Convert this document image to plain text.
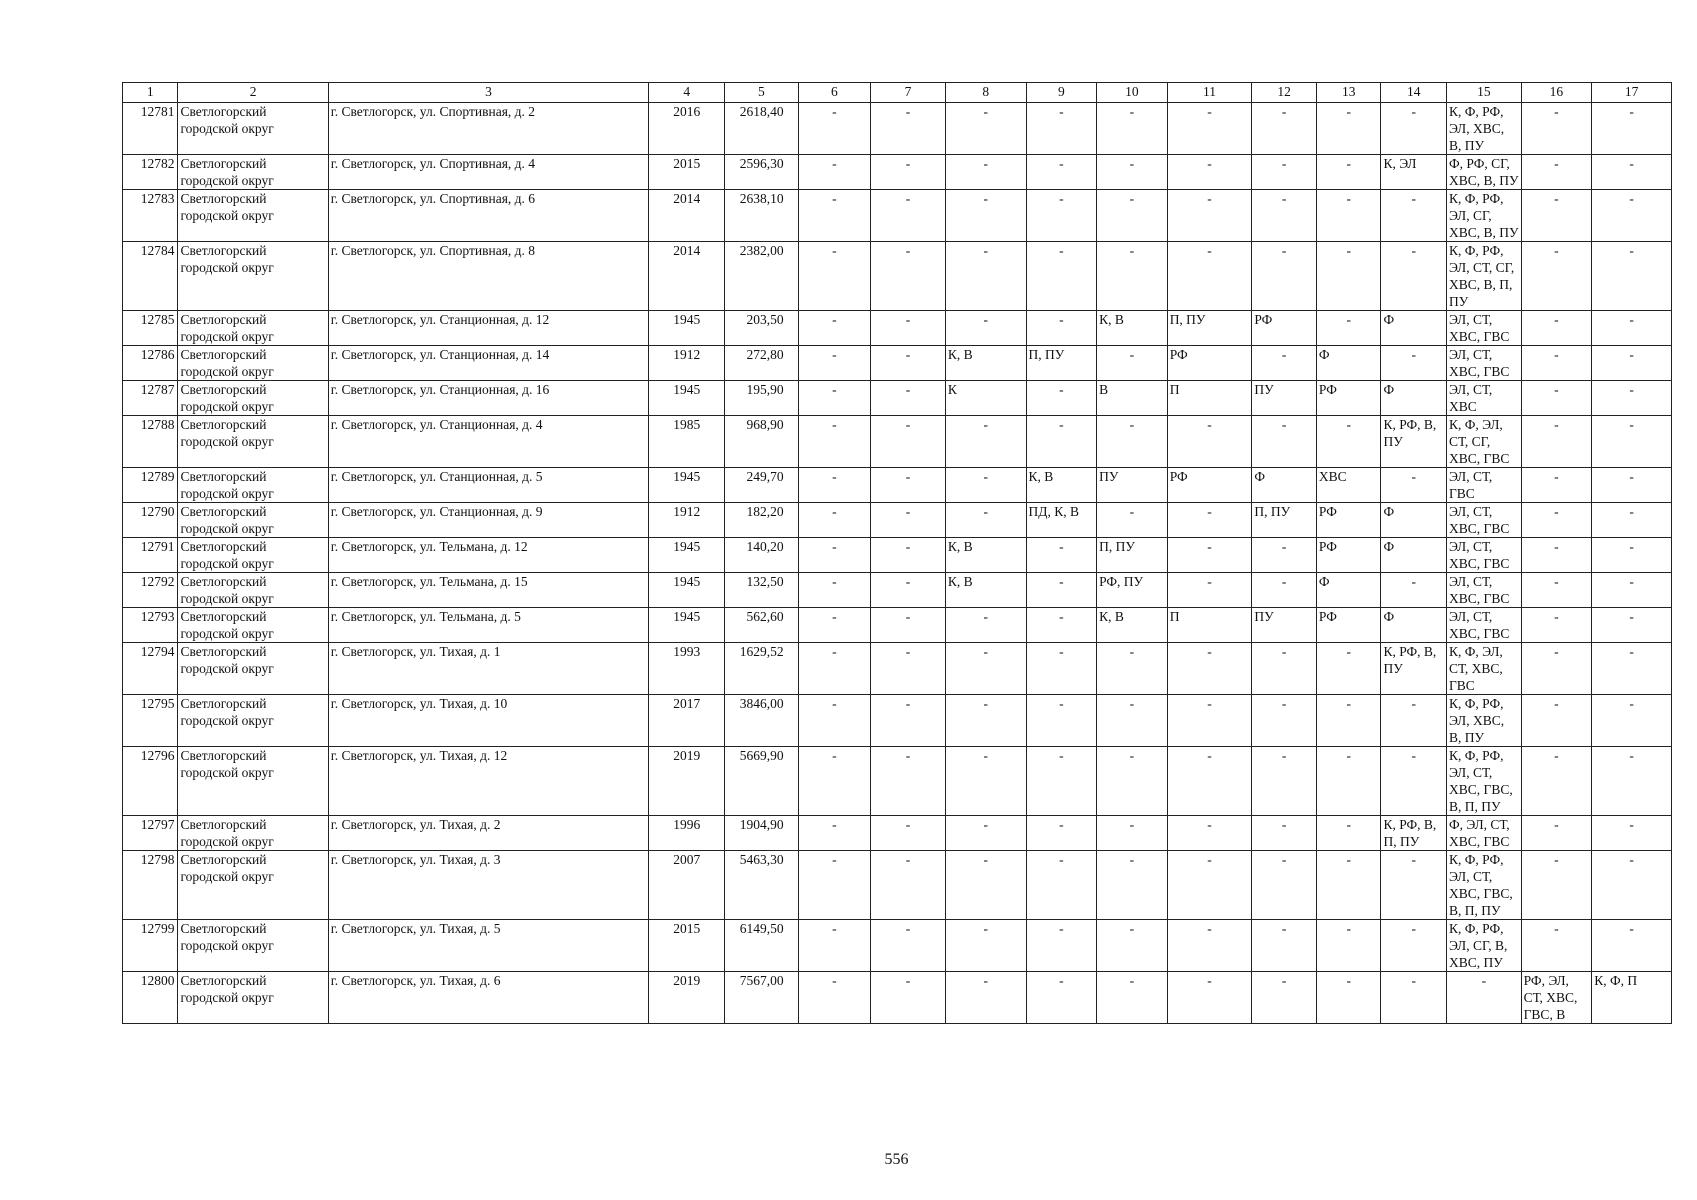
1	2	3	4	5	6	7	8	9	10	11	12	13	14	15	16	17
12781	Светлогорский городской округ	г. Светлогорск, ул. Спортивная, д. 2	2016	2618,40	-	-	-	-	-	-	-	-	-	К, Ф, РФ, ЭЛ, ХВС, В, ПУ	-	-
12782	Светлогорский городской округ	г. Светлогорск, ул. Спортивная, д. 4	2015	2596,30	-	-	-	-	-	-	-	-	К, ЭЛ	Ф, РФ, СГ, ХВС, В, ПУ	-	-
12783	Светлогорский городской округ	г. Светлогорск, ул. Спортивная, д. 6	2014	2638,10	-	-	-	-	-	-	-	-	-	К, Ф, РФ, ЭЛ, СГ, ХВС, В, ПУ	-	-
12784	Светлогорский городской округ	г. Светлогорск, ул. Спортивная, д. 8	2014	2382,00	-	-	-	-	-	-	-	-	-	К, Ф, РФ, ЭЛ, СТ, СГ, ХВС, В, П, ПУ	-	-
12785	Светлогорский городской округ	г. Светлогорск, ул. Станционная, д. 12	1945	203,50	-	-	-	-	К, В	П, ПУ	РФ	-	Ф	ЭЛ, СТ, ХВС, ГВС	-	-
12786	Светлогорский городской округ	г. Светлогорск, ул. Станционная, д. 14	1912	272,80	-	-	К, В	П, ПУ	-	РФ	-	Ф	-	ЭЛ, СТ, ХВС, ГВС	-	-
12787	Светлогорский городской округ	г. Светлогорск, ул. Станционная, д. 16	1945	195,90	-	-	К	-	В	П	ПУ	РФ	Ф	ЭЛ, СТ, ХВС	-	-
12788	Светлогорский городской округ	г. Светлогорск, ул. Станционная, д. 4	1985	968,90	-	-	-	-	-	-	-	-	К, РФ, В, ПУ	К, Ф, ЭЛ, СТ, СГ, ХВС, ГВС	-	-
12789	Светлогорский городской округ	г. Светлогорск, ул. Станционная, д. 5	1945	249,70	-	-	-	К, В	ПУ	РФ	Ф	ХВС	-	ЭЛ, СТ, ГВС	-	-
12790	Светлогорский городской округ	г. Светлогорск, ул. Станционная, д. 9	1912	182,20	-	-	-	ПД, К, В	-	-	П, ПУ	РФ	Ф	ЭЛ, СТ, ХВС, ГВС	-	-
12791	Светлогорский городской округ	г. Светлогорск, ул. Тельмана, д. 12	1945	140,20	-	-	К, В	-	П, ПУ	-	-	РФ	Ф	ЭЛ, СТ, ХВС, ГВС	-	-
12792	Светлогорский городской округ	г. Светлогорск, ул. Тельмана, д. 15	1945	132,50	-	-	К, В	-	РФ, ПУ	-	-	Ф	-	ЭЛ, СТ, ХВС, ГВС	-	-
12793	Светлогорский городской округ	г. Светлогорск, ул. Тельмана, д. 5	1945	562,60	-	-	-	-	К, В	П	ПУ	РФ	Ф	ЭЛ, СТ, ХВС, ГВС	-	-
12794	Светлогорский городской округ	г. Светлогорск, ул. Тихая, д. 1	1993	1629,52	-	-	-	-	-	-	-	-	К, РФ, В, ПУ	К, Ф, ЭЛ, СТ, ХВС, ГВС	-	-
12795	Светлогорский городской округ	г. Светлогорск, ул. Тихая, д. 10	2017	3846,00	-	-	-	-	-	-	-	-	-	К, Ф, РФ, ЭЛ, ХВС, В, ПУ	-	-
12796	Светлогорский городской округ	г. Светлогорск, ул. Тихая, д. 12	2019	5669,90	-	-	-	-	-	-	-	-	-	К, Ф, РФ, ЭЛ, СТ, ХВС, ГВС, В, П, ПУ	-	-
12797	Светлогорский городской округ	г. Светлогорск, ул. Тихая, д. 2	1996	1904,90	-	-	-	-	-	-	-	-	К, РФ, В, П, ПУ	Ф, ЭЛ, СТ, ХВС, ГВС	-	-
12798	Светлогорский городской округ	г. Светлогорск, ул. Тихая, д. 3	2007	5463,30	-	-	-	-	-	-	-	-	-	К, Ф, РФ, ЭЛ, СТ, ХВС, ГВС, В, П, ПУ	-	-
12799	Светлогорский городской округ	г. Светлогорск, ул. Тихая, д. 5	2015	6149,50	-	-	-	-	-	-	-	-	-	К, Ф, РФ, ЭЛ, СГ, В, ХВС, ПУ	-	-
12800	Светлогорский городской округ	г. Светлогорск, ул. Тихая, д. 6	2019	7567,00	-	-	-	-	-	-	-	-	-	-	РФ, ЭЛ, СТ, ХВС, ГВС, В	К, Ф, П
556
